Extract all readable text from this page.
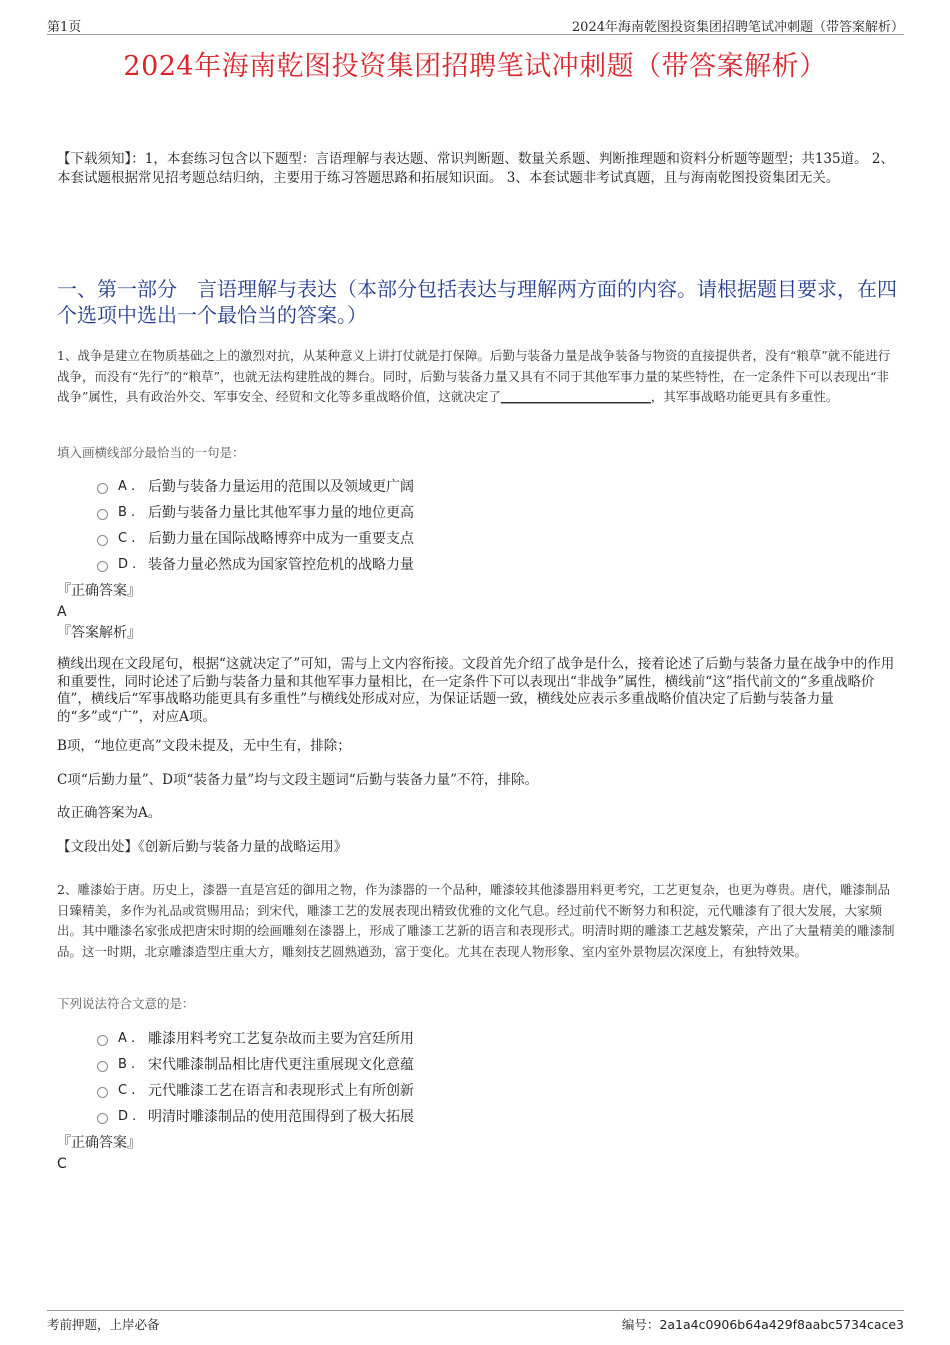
第1页	2024年海南乾图投资集团招聘笔试冲刺题（带答案解析）
2024年海南乾图投资集团招聘笔试冲刺题（带答案解析）

【下载须知】：1，本套练习包含以下题型：言语理解与表达题、常识判断题、数量关系题、判断推理题和资料分析题等题型；共135道。 2、本套试题根据常见招考题总结归纳，主要用于练习答题思路和拓展知识面。 3、本套试题非考试真题，且与海南乾图投资集团无关。

一、第一部分　言语理解与表达（本部分包括表达与理解两方面的内容。请根据题目要求，在四个选项中选出一个最恰当的答案。）

1、战争是建立在物质基础之上的激烈对抗，从某种意义上讲打仗就是打保障。后勤与装备力量是战争装备与物资的直接提供者，没有“粮草”就不能进行战争，而没有“先行”的“粮草”，也就无法构建胜战的舞台。同时，后勤与装备力量又具有不同于其他军事力量的某些特性，在一定条件下可以表现出“非战争”属性，具有政治外交、军事安全、经贸和文化等多重战略价值，这就决定了________________________，其军事战略功能更具有多重性。

填入画横线部分最恰当的一句是：

A . 后勤与装备力量运用的范围以及领域更广阔
B . 后勤与装备力量比其他军事力量的地位更高
C . 后勤力量在国际战略博弈中成为一重要支点
D . 装备力量必然成为国家管控危机的战略力量

『正确答案』

A

『答案解析』

横线出现在文段尾句，根据“这就决定了”可知，需与上文内容衔接。文段首先介绍了战争是什么，接着论述了后勤与装备力量在战争中的作用和重要性，同时论述了后勤与装备力量和其他军事力量相比，在一定条件下可以表现出“非战争”属性，横线前“这”指代前文的“多重战略价值”，横线后“军事战略功能更具有多重性”与横线处形成对应，为保证话题一致，横线处应表示多重战略价值决定了后勤与装备力量的“多”或“广”，对应A项。

B项，“地位更高”文段未提及，无中生有，排除；

C项“后勤力量”、D项“装备力量”均与文段主题词“后勤与装备力量”不符，排除。

故正确答案为A。

【文段出处】《创新后勤与装备力量的战略运用》

2、雕漆始于唐。历史上，漆器一直是宫廷的御用之物，作为漆器的一个品种，雕漆较其他漆器用料更考究，工艺更复杂，也更为尊贵。唐代，雕漆制品日臻精美，多作为礼品或赏赐用品；到宋代，雕漆工艺的发展表现出精致优雅的文化气息。经过前代不断努力和积淀，元代雕漆有了很大发展，大家频出。其中雕漆名家张成把唐宋时期的绘画雕刻在漆器上，形成了雕漆工艺新的语言和表现形式。明清时期的雕漆工艺越发繁荣，产出了大量精美的雕漆制品。这一时期，北京雕漆造型庄重大方，雕刻技艺圆熟遒劲，富于变化。尤其在表现人物形象、室内室外景物层次深度上，有独特效果。

下列说法符合文意的是：

A . 雕漆用料考究工艺复杂故而主要为宫廷所用
B . 宋代雕漆制品相比唐代更注重展现文化意蕴
C . 元代雕漆工艺在语言和表现形式上有所创新
D . 明清时雕漆制品的使用范围得到了极大拓展

『正确答案』

C

考前押题，上岸必备	编号：2a1a4c0906b64a429f8aabc5734cace3
